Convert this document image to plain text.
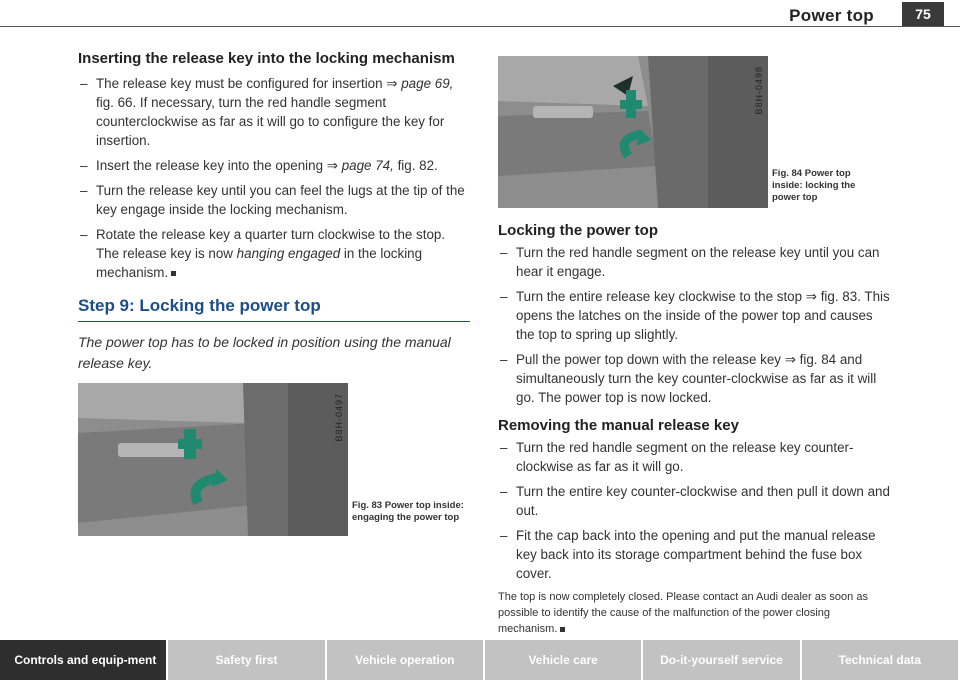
Power top	75
Inserting the release key into the locking mechanism
– The release key must be configured for insertion ⇒ page 69, fig. 66. If necessary, turn the red handle segment counterclockwise as far as it will go to configure the key for insertion.
– Insert the release key into the opening ⇒ page 74, fig. 82.
– Turn the release key until you can feel the lugs at the tip of the key engage inside the locking mechanism.
– Rotate the release key a quarter turn clockwise to the stop. The release key is now hanging engaged in the locking mechanism.
Step 9: Locking the power top

The power top has to be locked in position using the manual release key.

B8H-0497
Fig. 83 Power top inside: engaging the power top
B8H-0498
Fig. 84 Power top inside: locking the power top
Locking the power top
– Turn the red handle segment on the release key until you can hear it engage.
– Turn the entire release key clockwise to the stop ⇒ fig. 83. This opens the latches on the inside of the power top and causes the top to spring up slightly.
– Pull the power top down with the release key ⇒ fig. 84 and simultaneously turn the key counter-clockwise as far as it will go. The power top is now locked.
Removing the manual release key
– Turn the red handle segment on the release key counter-clockwise as far as it will go.
– Turn the entire key counter-clockwise and then pull it down and out.
– Fit the cap back into the opening and put the manual release key back into its storage compartment behind the fuse box cover.
The top is now completely closed. Please contact an Audi dealer as soon as possible to identify the cause of the malfunction of the power closing mechanism.
Controls and equip-ment	Safety first	Vehicle operation	Vehicle care	Do-it-yourself service	Technical data
